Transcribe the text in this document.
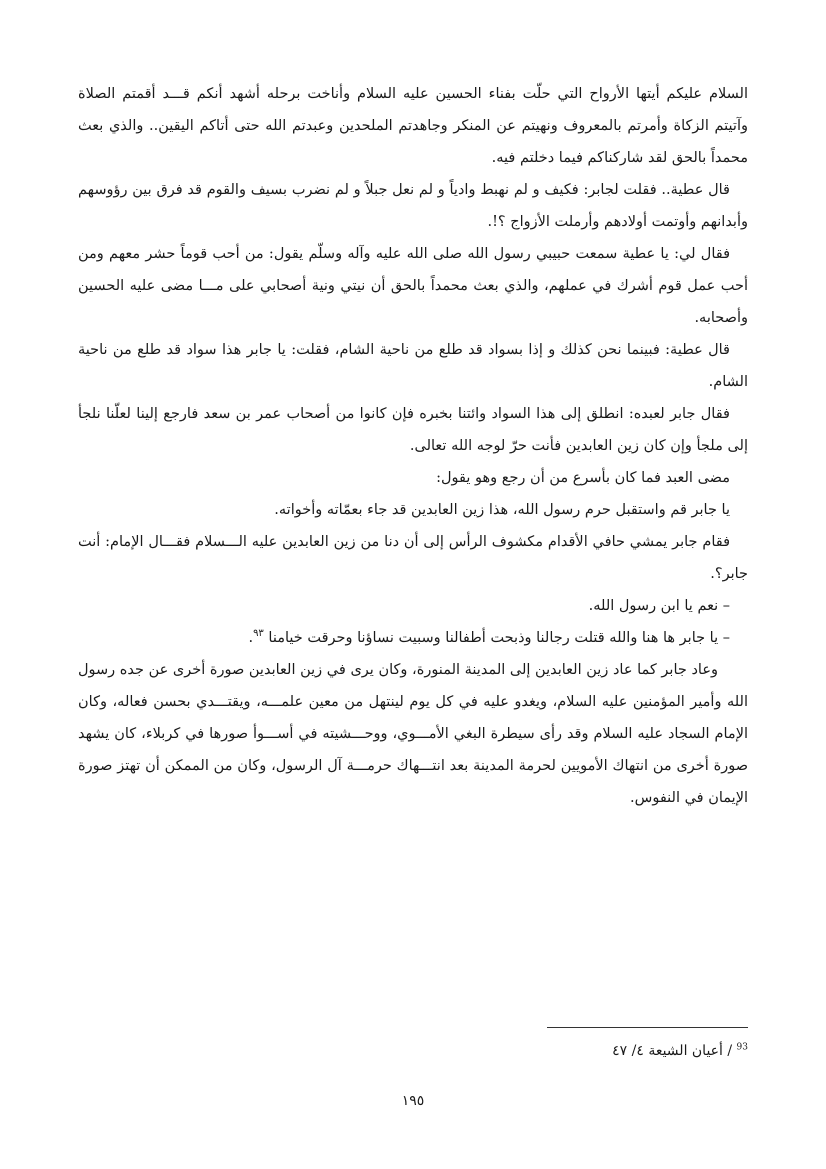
السلام عليكم أيتها الأرواح التي حلّت بفناء الحسين عليه السلام وأناخت برحله أشهد أنكم قـــد أقمتم الصلاة وآتيتم الزكاة وأمرتم بالمعروف ونهيتم عن المنكر وجاهدتم الملحدين وعبدتم الله حتى أتاكم اليقين.. والذي بعث محمداً بالحق لقد شاركناكم فيما دخلتم فيه.

قال عطية.. فقلت لجابر: فكيف و لم نهبط وادياً و لم نعل جبلاً و لم نضرب بسيف والقوم قد فرق بين رؤوسهم وأبدانهم وأوتمت أولادهم وأرملت الأزواج ؟!.

فقال لي: يا عطية سمعت حبيبي رسول الله صلى الله عليه وآله وسلّم يقول: من أحب قوماً حشر معهم ومن أحب عمل قوم أشرك في عملهم، والذي بعث محمداً بالحق أن نيتي ونية أصحابي على مـــا مضى عليه الحسين وأصحابه.

قال عطية: فبينما نحن كذلك و إذا بسواد قد طلع من ناحية الشام، فقلت: يا جابر هذا سواد قد طلع من ناحية الشام.

فقال جابر لعبده: انطلق إلى هذا السواد وائتنا بخبره فإن كانوا من أصحاب عمر بن سعد فارجع إلينا لعلّنا نلجأ إلى ملجأ وإن كان زين العابدين فأنت حرّ لوجه الله تعالى.

مضى العبد فما كان بأسرع من أن رجع وهو يقول:

يا جابر قم واستقبل حرم رسول الله، هذا زين العابدين قد جاء بعمّاته وأخواته.

فقام جابر يمشي حافي الأقدام مكشوف الرأس إلى أن دنا من زين العابدين عليه الـــسلام فقـــال الإمام: أنت جابر؟.

– نعم يا ابن رسول الله.

– يا جابر ها هنا والله قتلت رجالنا وذبحت أطفالنا وسبيت نساؤنا وحرقت خيامنا $^{٩٣}$.

وعاد جابر كما عاد زين العابدين إلى المدينة المنورة، وكان يرى في زين العابدين صورة أخرى عن جده رسول الله وأمير المؤمنين عليه السلام، ويغدو عليه في كل يوم لينتهل من معين علمـــه، ويقتـــدي بحسن فعاله، وكان الإمام السجاد عليه السلام وقد رأى سيطرة البغي الأمـــوي، ووحـــشيته في أســـوأ صورها في كربلاء، كان يشهد صورة أخرى من انتهاك الأمويين لحرمة المدينة بعد انتـــهاك حرمـــة آل الرسول، وكان من الممكن أن تهتز صورة الإيمان في النفوس.

$^{93}$ / أعيان الشيعة ٤/ ٤٧
١٩٥
